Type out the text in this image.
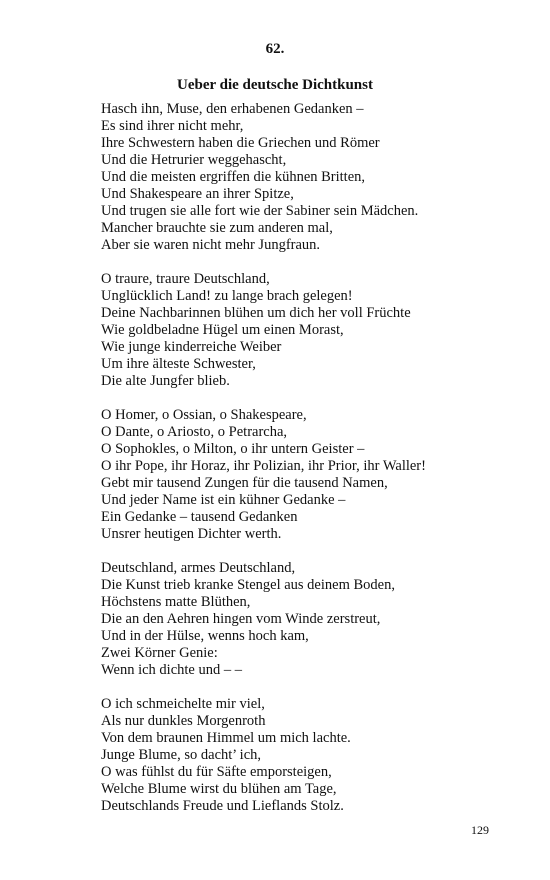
62.
Ueber die deutsche Dichtkunst
Hasch ihn, Muse, den erhabenen Gedanken –
Es sind ihrer nicht mehr,
Ihre Schwestern haben die Griechen und Römer
Und die Hetrurier weggehascht,
Und die meisten ergriffen die kühnen Britten,
Und Shakespeare an ihrer Spitze,
Und trugen sie alle fort wie der Sabiner sein Mädchen.
Mancher brauchte sie zum anderen mal,
Aber sie waren nicht mehr Jungfraun.
O traure, traure Deutschland,
Unglücklich Land! zu lange brach gelegen!
Deine Nachbarinnen blühen um dich her voll Früchte
Wie goldbeladne Hügel um einen Morast,
Wie junge kinderreiche Weiber
Um ihre älteste Schwester,
Die alte Jungfer blieb.
O Homer, o Ossian, o Shakespeare,
O Dante, o Ariosto, o Petrarcha,
O Sophokles, o Milton, o ihr untern Geister –
O ihr Pope, ihr Horaz, ihr Polizian, ihr Prior, ihr Waller!
Gebt mir tausend Zungen für die tausend Namen,
Und jeder Name ist ein kühner Gedanke –
Ein Gedanke – tausend Gedanken
Unsrer heutigen Dichter werth.
Deutschland, armes Deutschland,
Die Kunst trieb kranke Stengel aus deinem Boden,
Höchstens matte Blüthen,
Die an den Aehren hingen vom Winde zerstreut,
Und in der Hülse, wenns hoch kam,
Zwei Körner Genie:
Wenn ich dichte und – –
O ich schmeichelte mir viel,
Als nur dunkles Morgenroth
Von dem braunen Himmel um mich lachte.
Junge Blume, so dacht’ ich,
O was fühlst du für Säfte emporsteigen,
Welche Blume wirst du blühen am Tage,
Deutschlands Freude und Lieflands Stolz.
129
